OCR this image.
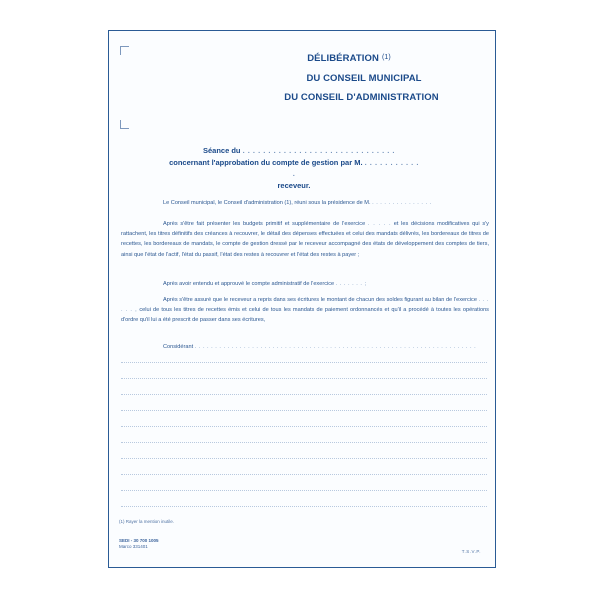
DÉLIBÉRATION $^{(1)}$
DU CONSEIL MUNICIPAL
DU CONSEIL D'ADMINISTRATION
Séance du . . . . . . . . . . . . . . . . . . . . . . . . . . . . . .
concernant l'approbation du compte de gestion par M. . . . . . . . . . . . .
receveur.
Le Conseil municipal, le Conseil d'administration (1), réuni sous la présidence de M. . . . . . . . . . . . . . . .
Après s'être fait présenter les budgets primitif et supplémentaire de l'exercice . . . . . et les décisions modificatives qui s'y rattachent, les titres définitifs des créances à recouvrer, le détail des dépenses effectuées et celui des mandats délivrés, les bordereaux de titres de recettes, les bordereaux de mandats, le compte de gestion dressé par le receveur accompagné des états de développement des comptes de tiers, ainsi que l'état de l'actif, l'état du passif, l'état des restes à recouvrer et l'état des restes à payer ;
Après avoir entendu et approuvé le compte administratif de l'exercice . . . . . . . ;
Après s'être assuré que le receveur a repris dans ses écritures le montant de chacun des soldes figurant au bilan de l'exercice . . . . . . , celui de tous les titres de recettes émis et celui de tous les mandats de paiement ordonnancés et qu'il a procédé à toutes les opérations d'ordre qu'il lui a été prescrit de passer dans ses écritures,
Considérant . . . . . . . . . . . . . . . . . . . . . . . . . . . . . . . . . . . . . . . . . . . . . . . . . . . . . . . . . . . . . . . . . . . . .
(1) Rayer la mention inutile.
SEDI - 30 700 1005
Marco 331401
T.S.V.P.
